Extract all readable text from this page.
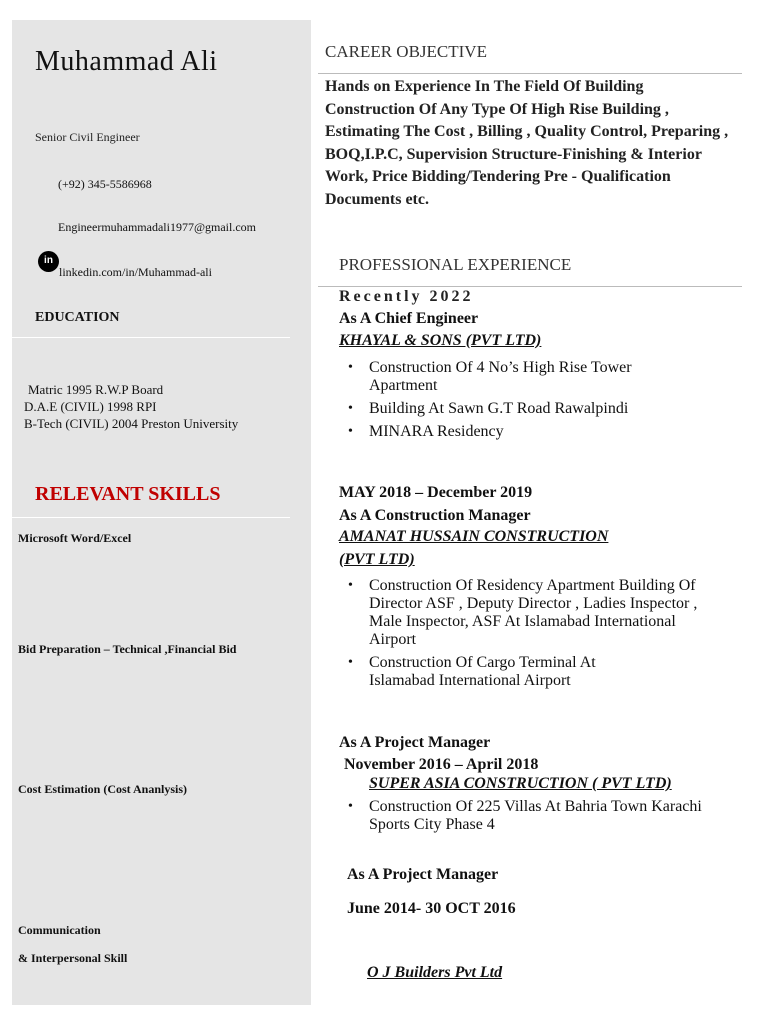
Muhammad Ali
Senior Civil Engineer
(+92) 345-5586968
Engineermuhammadali1977@gmail.com
in
linkedin.com/in/Muhammad-ali
EDUCATION
Matric 1995 R.W.P Board
D.A.E (CIVIL) 1998 RPI
B-Tech (CIVIL) 2004 Preston University
RELEVANT SKILLS
Microsoft Word/Excel
Bid Preparation – Technical ,Financial Bid
Cost Estimation (Cost Ananlysis)
Communication
& Interpersonal Skill
CAREER OBJECTIVE
Hands on Experience In The Field Of Building Construction Of Any Type Of High Rise Building , Estimating The Cost , Billing , Quality Control, Preparing , BOQ,I.P.C, Supervision Structure-Finishing & Interior Work, Price Bidding/Tendering Pre - Qualification Documents etc.
PROFESSIONAL EXPERIENCE
Recently 2022
As A Chief Engineer
KHAYAL & SONS (PVT LTD)
• Construction Of 4 No’s High Rise Tower Apartment
• Building At Sawn G.T Road Rawalpindi
• MINARA Residency
MAY 2018 – December 2019
As A Construction Manager
AMANAT HUSSAIN CONSTRUCTION
(PVT LTD)
• Construction Of Residency Apartment Building Of Director ASF , Deputy Director , Ladies Inspector , Male Inspector, ASF At Islamabad International Airport
• Construction Of Cargo Terminal At Islamabad International Airport
As A Project Manager
November 2016 – April 2018
SUPER ASIA CONSTRUCTION ( PVT LTD)
• Construction Of 225 Villas At Bahria Town Karachi Sports City Phase 4
As A Project Manager
June 2014- 30 OCT 2016
O J Builders Pvt Ltd
